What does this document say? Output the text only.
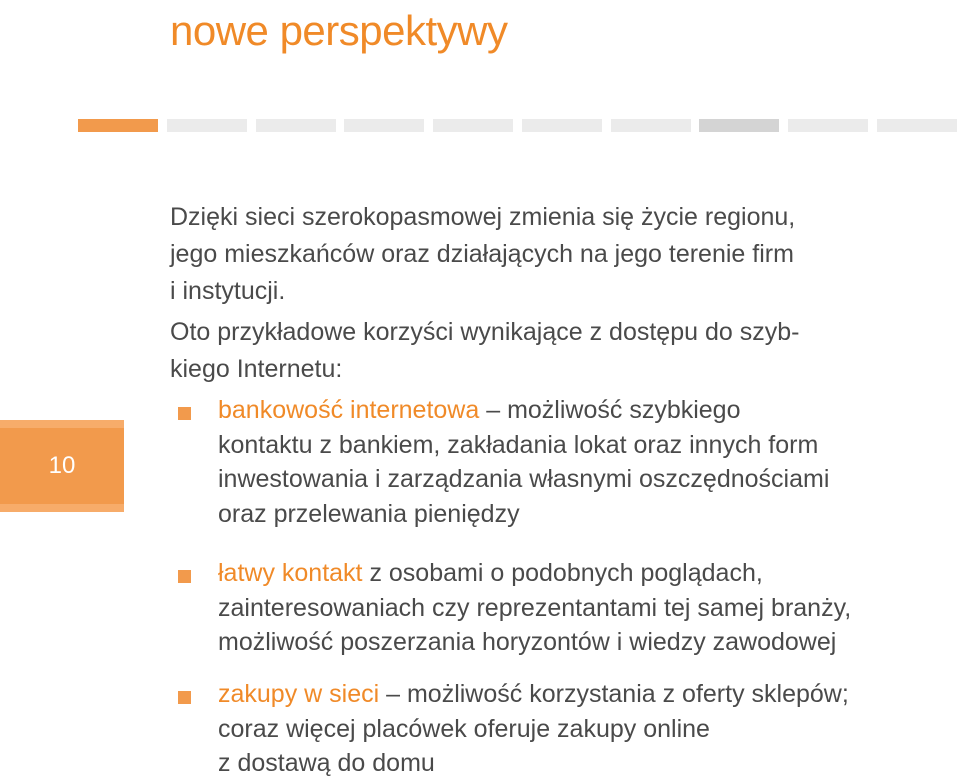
nowe perspektywy
10

Dzięki sieci szerokopasmowej zmienia się życie regionu,
jego mieszkańców oraz działających na jego terenie firm
i instytucji.

Oto przykładowe korzyści wynikające z dostępu do szyb-
kiego Internetu:

bankowość internetowa – możliwość szybkiego
kontaktu z bankiem, zakładania lokat oraz innych form
inwestowania i zarządzania własnymi oszczędnościami
oraz przelewania pieniędzy

łatwy kontakt z osobami o podobnych poglądach,
zainteresowaniach czy reprezentantami tej samej branży,
możliwość poszerzania horyzontów i wiedzy zawodowej

zakupy w sieci – możliwość korzystania z oferty sklepów;
coraz więcej placówek oferuje zakupy online
z dostawą do domu
